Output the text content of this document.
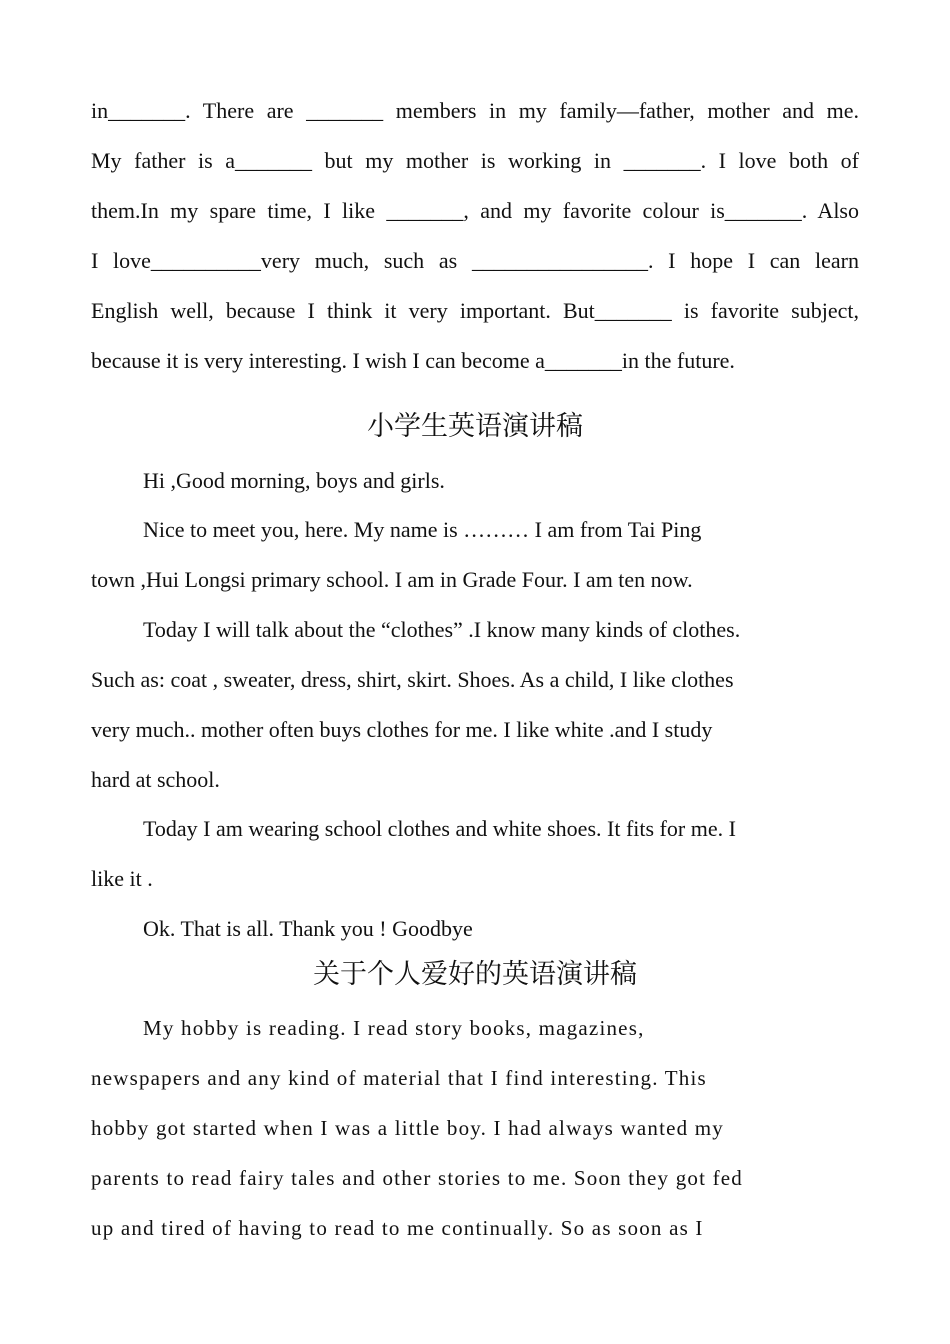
in_______. There are _______ members in my family—father, mother and me.
My father is a_______ but my mother is working in _______. I love both of
them.In my spare time, I like _______, and my favorite colour is_______. Also
I love__________very much, such as ________________. I hope I can learn
English well, because I think it very important. But_______ is favorite subject,
because it is very interesting. I wish I can become a_______in the future.
小学生英语演讲稿
Hi ,Good morning, boys and girls.
Nice to meet you, here. My name is ……… I am from Tai Ping
town ,Hui Longsi primary school. I am in Grade Four. I am ten now.
Today I will talk about the “clothes” .I know many kinds of clothes.
Such as: coat , sweater, dress, shirt, skirt. Shoes. As a child, I like clothes
very much.. mother often buys clothes for me. I like white .and I study
hard at school.
Today I am wearing school clothes and white shoes. It fits for me. I
like it .
Ok. That is all. Thank you ! Goodbye
关于个人爱好的英语演讲稿
My hobby is reading. I read story books, magazines,
newspapers and any kind of material that I find interesting. This
hobby got started when I was a little boy. I had always wanted my
parents to read fairy tales and other stories to me. Soon they got fed
up and tired of having to read to me continually. So as soon as I
